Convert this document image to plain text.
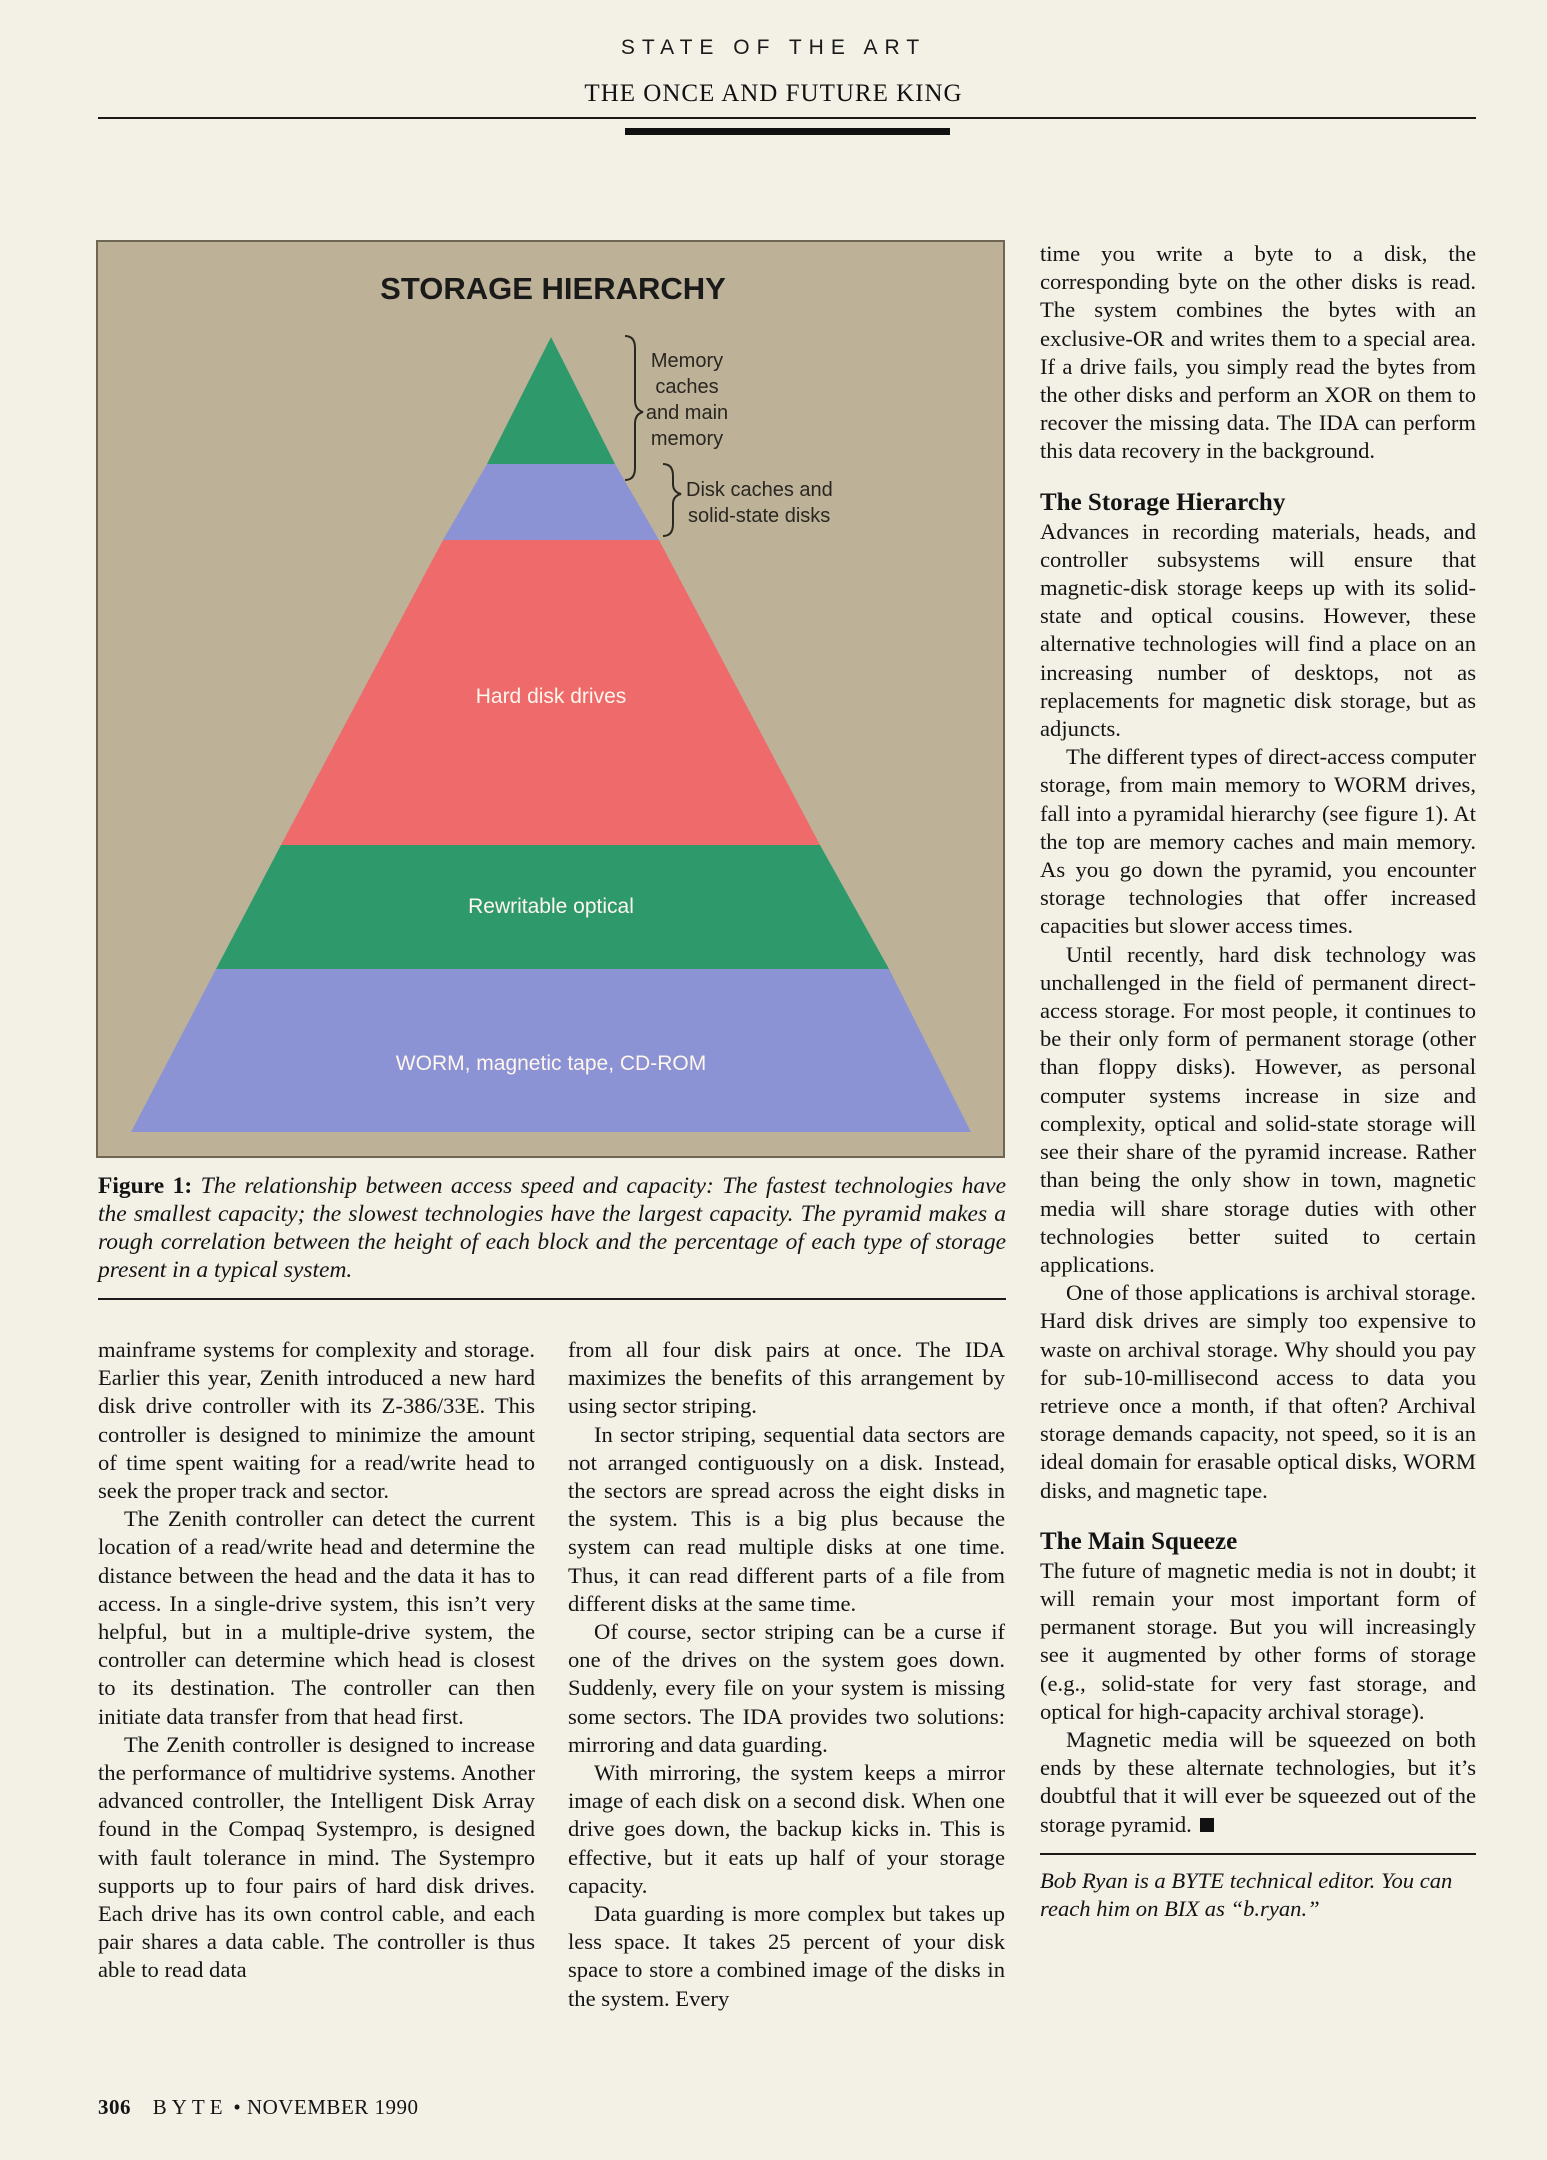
STATE OF THE ART
THE ONCE AND FUTURE KING
STORAGE HIERARCHY
Hard disk drives
Rewritable optical
WORM, magnetic tape, CD-ROM
Memory
caches
and main
memory
Disk caches and
solid-state disks
Figure 1: The relationship between access speed and capacity: The fastest technologies have the smallest capacity; the slowest technologies have the largest capacity. The pyramid makes a rough correlation between the height of each block and the percentage of each type of storage present in a typical system.

mainframe systems for complexity and storage. Earlier this year, Zenith introduced a new hard disk drive controller with its Z-386/33E. This controller is designed to minimize the amount of time spent waiting for a read/write head to seek the proper track and sector.

The Zenith controller can detect the current location of a read/write head and determine the distance between the head and the data it has to access. In a single-drive system, this isn’t very helpful, but in a multiple-drive system, the controller can determine which head is closest to its destination. The controller can then initiate data transfer from that head first.

The Zenith controller is designed to increase the performance of multidrive systems. Another advanced controller, the Intelligent Disk Array found in the Compaq Systempro, is designed with fault tolerance in mind. The Systempro supports up to four pairs of hard disk drives. Each drive has its own control cable, and each pair shares a data cable. The controller is thus able to read data

from all four disk pairs at once. The IDA maximizes the benefits of this arrangement by using sector striping.

In sector striping, sequential data sectors are not arranged contiguously on a disk. Instead, the sectors are spread across the eight disks in the system. This is a big plus because the system can read multiple disks at one time. Thus, it can read different parts of a file from different disks at the same time.

Of course, sector striping can be a curse if one of the drives on the system goes down. Suddenly, every file on your system is missing some sectors. The IDA provides two solutions: mirroring and data guarding.

With mirroring, the system keeps a mirror image of each disk on a second disk. When one drive goes down, the backup kicks in. This is effective, but it eats up half of your storage capacity.

Data guarding is more complex but takes up less space. It takes 25 percent of your disk space to store a combined image of the disks in the system. Every

time you write a byte to a disk, the corresponding byte on the other disks is read. The system combines the bytes with an exclusive-OR and writes them to a special area. If a drive fails, you simply read the bytes from the other disks and perform an XOR on them to recover the missing data. The IDA can perform this data recovery in the background.

The Storage Hierarchy

Advances in recording materials, heads, and controller subsystems will ensure that magnetic-disk storage keeps up with its solid-state and optical cousins. However, these alternative technologies will find a place on an increasing number of desktops, not as replacements for magnetic disk storage, but as adjuncts.

The different types of direct-access computer storage, from main memory to WORM drives, fall into a pyramidal hierarchy (see figure 1). At the top are memory caches and main memory. As you go down the pyramid, you encounter storage technologies that offer increased capacities but slower access times.

Until recently, hard disk technology was unchallenged in the field of permanent direct-access storage. For most people, it continues to be their only form of permanent storage (other than floppy disks). However, as personal computer systems increase in size and complexity, optical and solid-state storage will see their share of the pyramid increase. Rather than being the only show in town, magnetic media will share storage duties with other technologies better suited to certain applications.

One of those applications is archival storage. Hard disk drives are simply too expensive to waste on archival storage. Why should you pay for sub-10-millisecond access to data you retrieve once a month, if that often? Archival storage demands capacity, not speed, so it is an ideal domain for erasable optical disks, WORM disks, and magnetic tape.

The Main Squeeze

The future of magnetic media is not in doubt; it will remain your most important form of permanent storage. But you will increasingly see it augmented by other forms of storage (e.g., solid-state for very fast storage, and optical for high-capacity archival storage).

Magnetic media will be squeezed on both ends by these alternate technologies, but it’s doubtful that it will ever be squeezed out of the storage pyramid.

Bob Ryan is a BYTE technical editor. You can reach him on BIX as “b.ryan.”
306 BYTE • NOVEMBER 1990
